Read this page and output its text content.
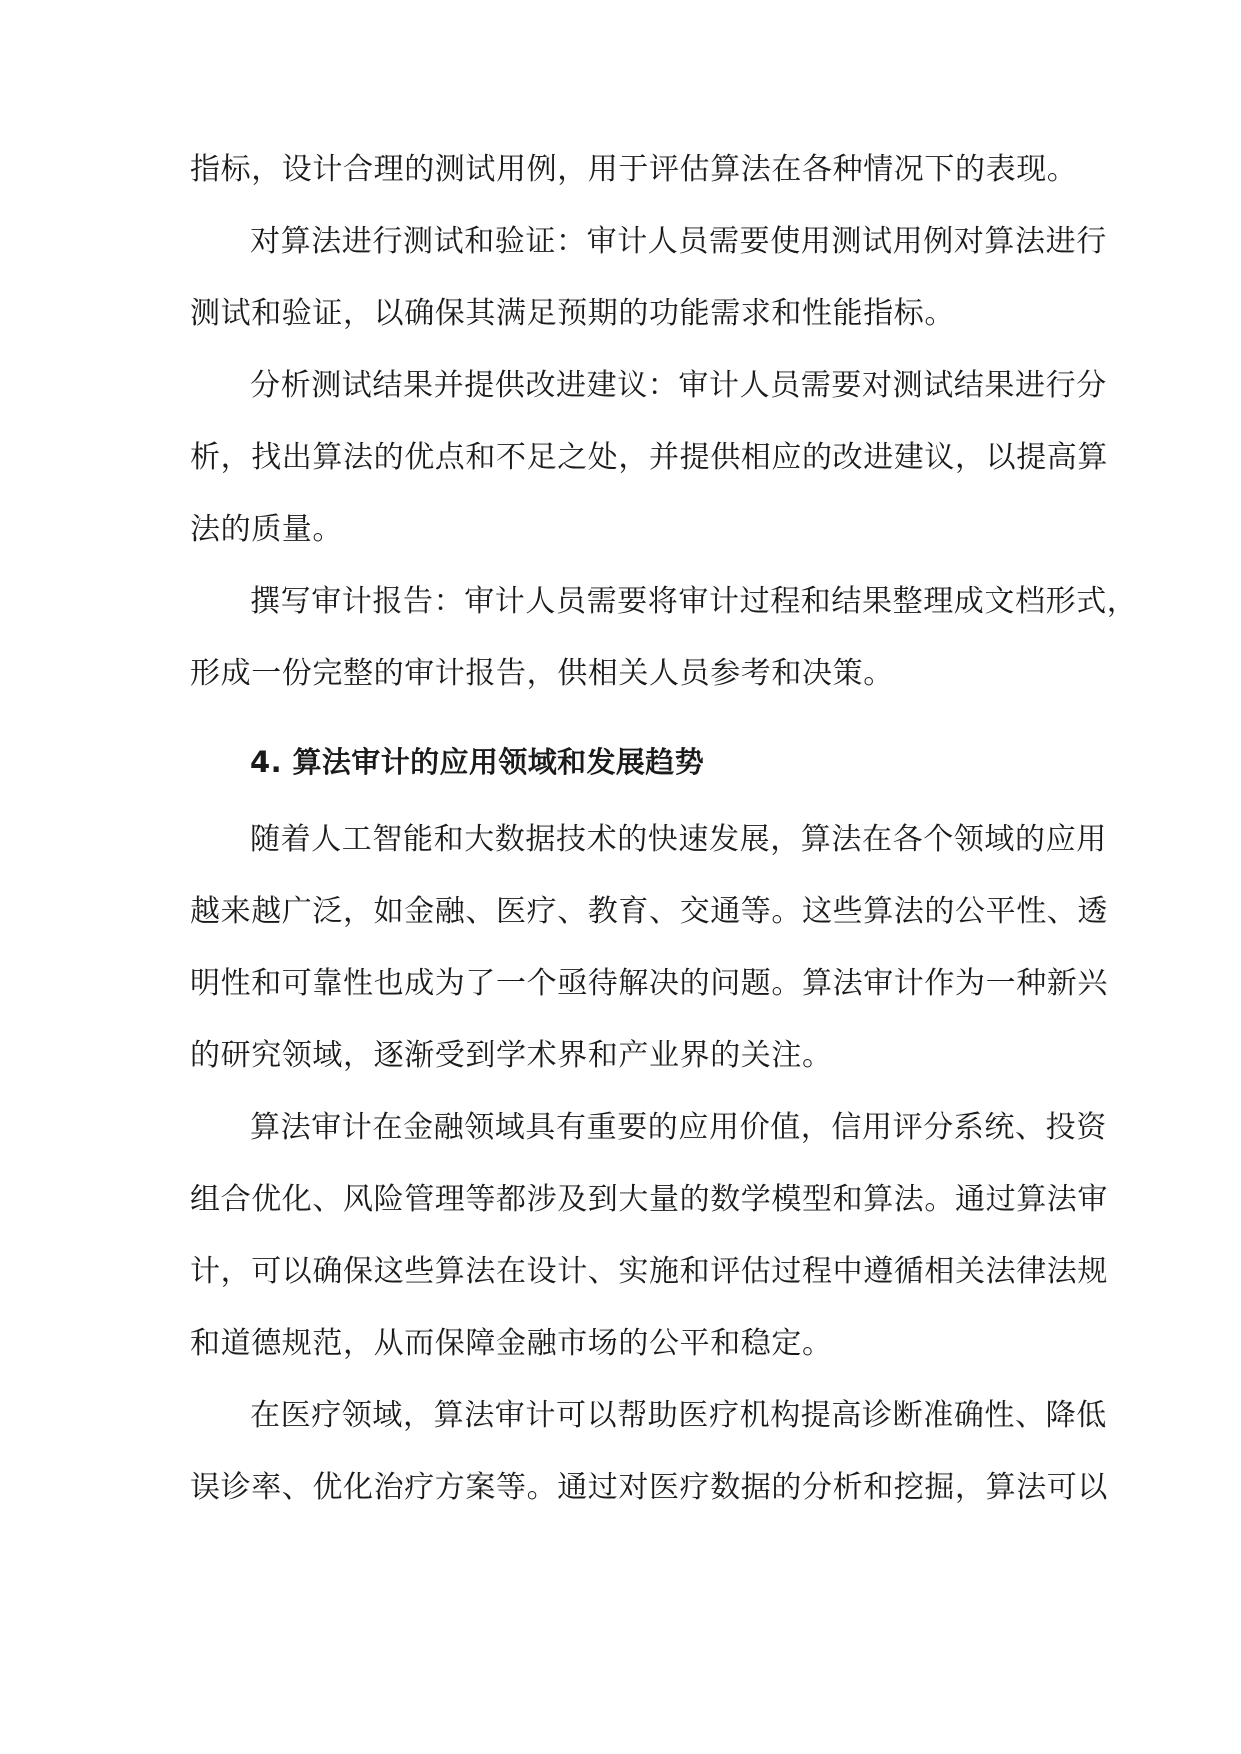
指标，设计合理的测试用例，用于评估算法在各种情况下的表现。
对算法进行测试和验证：审计人员需要使用测试用例对算法进行
测试和验证，以确保其满足预期的功能需求和性能指标。
分析测试结果并提供改进建议：审计人员需要对测试结果进行分
析，找出算法的优点和不足之处，并提供相应的改进建议，以提高算
法的质量。
撰写审计报告：审计人员需要将审计过程和结果整理成文档形式，
形成一份完整的审计报告，供相关人员参考和决策。
4. 算法审计的应用领域和发展趋势
随着人工智能和大数据技术的快速发展，算法在各个领域的应用
越来越广泛，如金融、医疗、教育、交通等。这些算法的公平性、透
明性和可靠性也成为了一个亟待解决的问题。算法审计作为一种新兴
的研究领域，逐渐受到学术界和产业界的关注。
算法审计在金融领域具有重要的应用价值，信用评分系统、投资
组合优化、风险管理等都涉及到大量的数学模型和算法。通过算法审
计，可以确保这些算法在设计、实施和评估过程中遵循相关法律法规
和道德规范，从而保障金融市场的公平和稳定。
在医疗领域，算法审计可以帮助医疗机构提高诊断准确性、降低
误诊率、优化治疗方案等。通过对医疗数据的分析和挖掘，算法可以
